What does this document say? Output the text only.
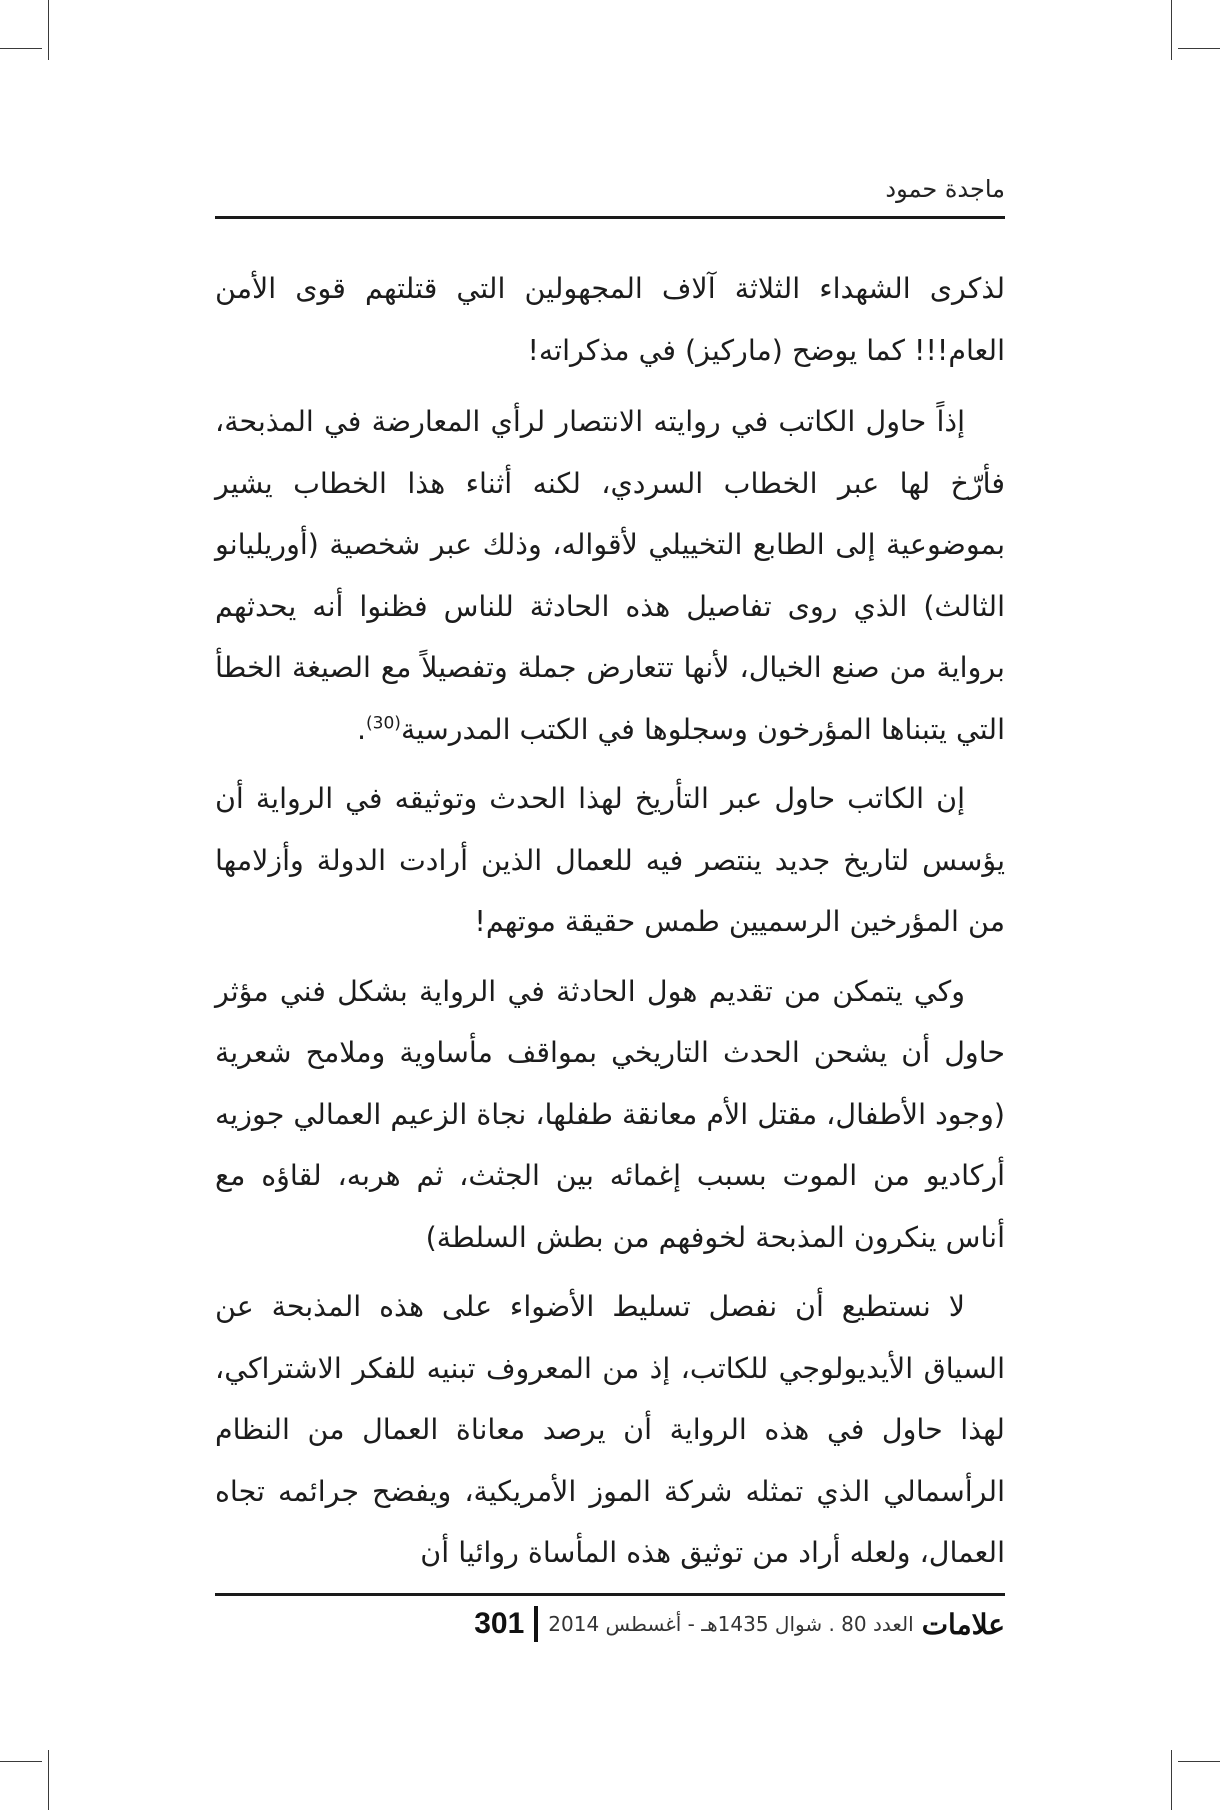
ماجدة حمود

لذكرى الشهداء الثلاثة آلاف المجهولين التي قتلتهم قوى الأمن العام!!! كما يوضح (ماركيز) في مذكراته!

إذاً حاول الكاتب في روايته الانتصار لرأي المعارضة في المذبحة، فأرّخ لها عبر الخطاب السردي، لكنه أثناء هذا الخطاب يشير بموضوعية إلى الطابع التخييلي لأقواله، وذلك عبر شخصية (أوريليانو الثالث) الذي روى تفاصيل هذه الحادثة للناس فظنوا أنه يحدثهم برواية من صنع الخيال، لأنها تتعارض جملة وتفصيلاً مع الصيغة الخطأ التي يتبناها المؤرخون وسجلوها في الكتب المدرسية$^{(30)}$.

إن الكاتب حاول عبر التأريخ لهذا الحدث وتوثيقه في الرواية أن يؤسس لتاريخ جديد ينتصر فيه للعمال الذين أرادت الدولة وأزلامها من المؤرخين الرسميين طمس حقيقة موتهم!

وكي يتمكن من تقديم هول الحادثة في الرواية بشكل فني مؤثر حاول أن يشحن الحدث التاريخي بمواقف مأساوية وملامح شعرية (وجود الأطفال، مقتل الأم معانقة طفلها، نجاة الزعيم العمالي جوزيه أركاديو من الموت بسبب إغمائه بين الجثث، ثم هربه، لقاؤه مع أناس ينكرون المذبحة لخوفهم من بطش السلطة)

لا نستطيع أن نفصل تسليط الأضواء على هذه المذبحة عن السياق الأيديولوجي للكاتب، إذ من المعروف تبنيه للفكر الاشتراكي، لهذا حاول في هذه الرواية أن يرصد معاناة العمال من النظام الرأسمالي الذي تمثله شركة الموز الأمريكية، ويفضح جرائمه تجاه العمال، ولعله أراد من توثيق هذه المأساة روائيا أن

علامات
العدد 80 . شوال 1435هـ - أغسطس 2014
301
